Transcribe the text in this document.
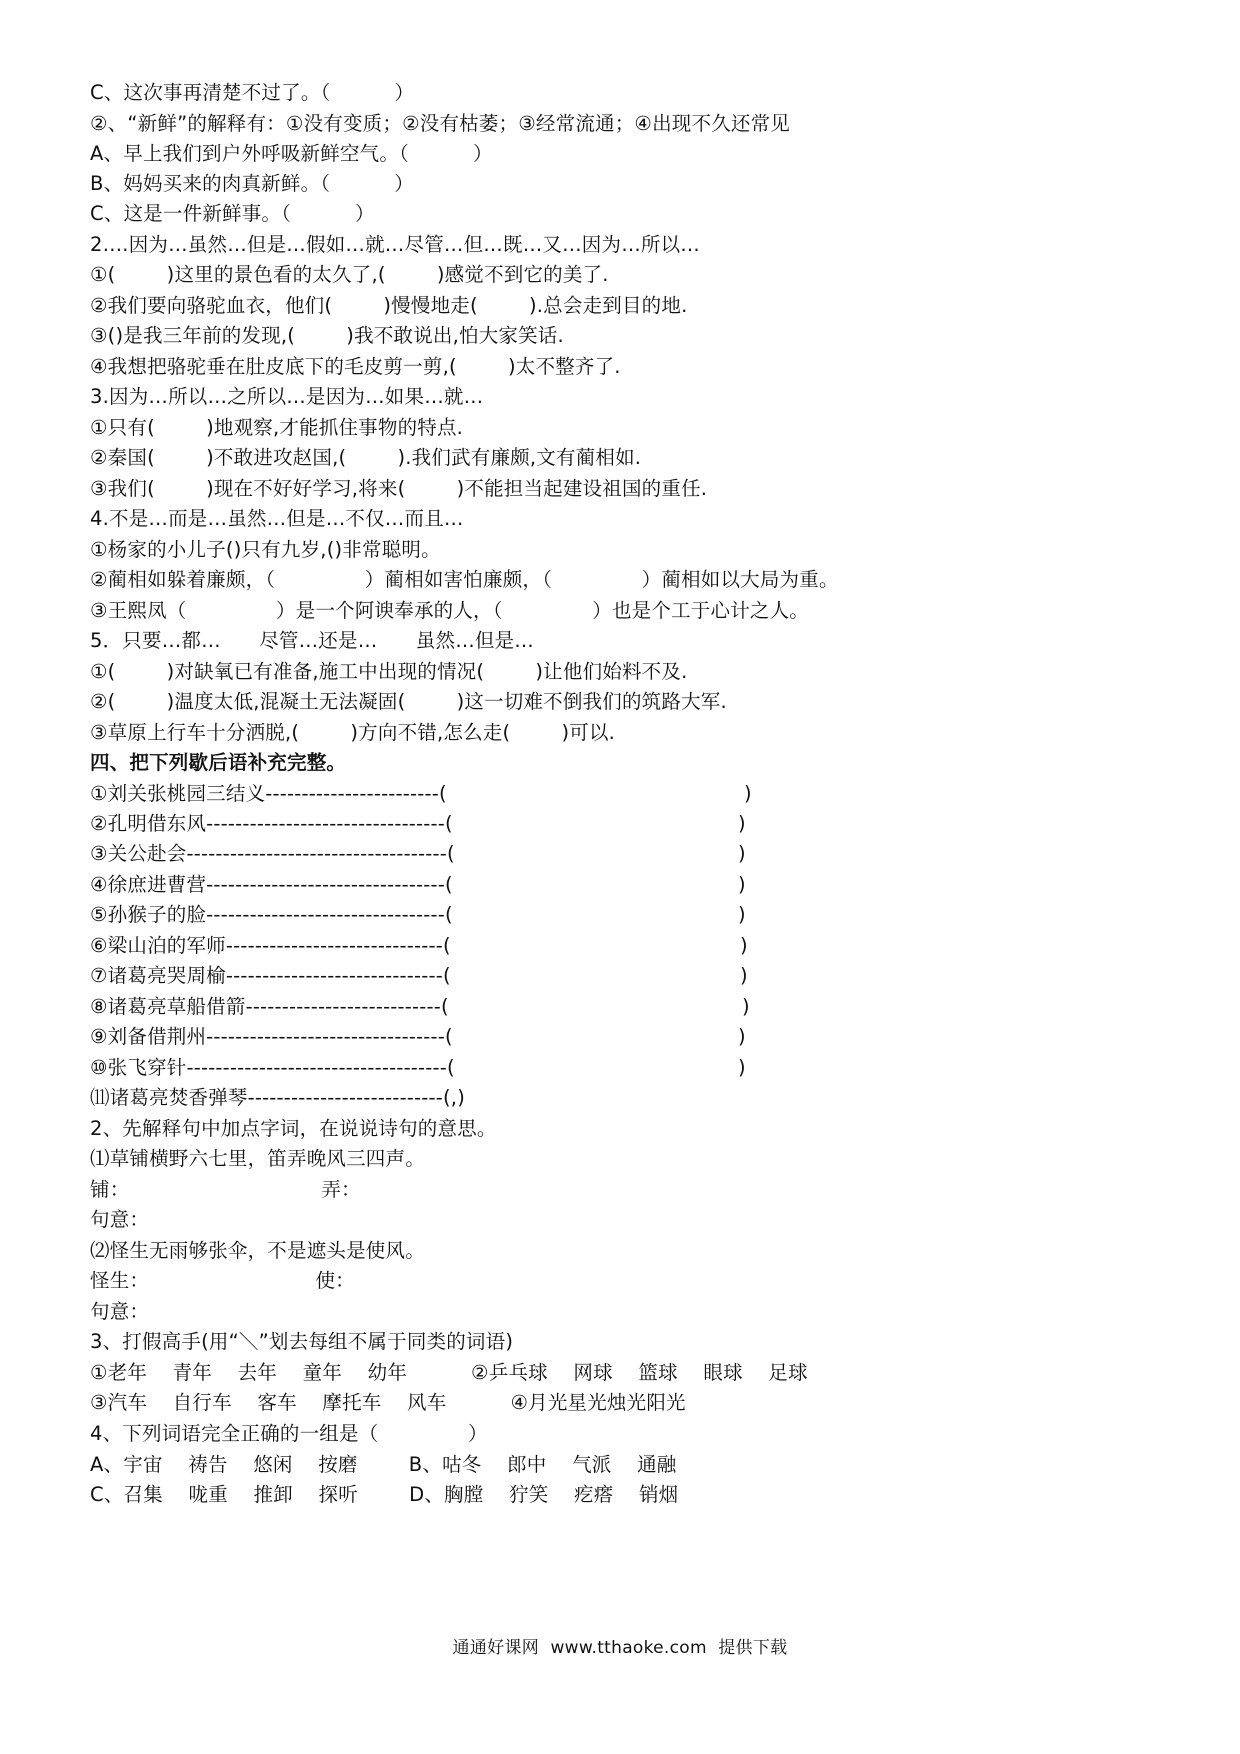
C、这次事再清楚不过了。（          ）
②、“新鲜”的解释有：①没有变质；②没有枯萎；③经常流通；④出现不久还常见
A、早上我们到户外呼吸新鲜空气。（          ）
B、妈妈买来的肉真新鲜。（          ）
C、这是一件新鲜事。（          ）
2….因为…虽然…但是…假如…就…尽管…但…既…又…因为…所以…
①(        )这里的景色看的太久了,(        )感觉不到它的美了.
②我们要向骆驼血衣，他们(        )慢慢地走(        ).总会走到目的地.
③()是我三年前的发现,(        )我不敢说出,怕大家笑话.
④我想把骆驼垂在肚皮底下的毛皮剪一剪,(        )太不整齐了.
3.因为…所以…之所以…是因为…如果…就…
①只有(        )地观察,才能抓住事物的特点.
②秦国(        )不敢进攻赵国,(        ).我们武有廉颇,文有蔺相如.
③我们(        )现在不好好学习,将来(        )不能担当起建设祖国的重任.
4.不是…而是…虽然…但是…不仅…而且…
①杨家的小儿子()只有九岁,()非常聪明。
②蔺相如躲着廉颇，（              ）蔺相如害怕廉颇，（              ）蔺相如以大局为重。
③王熙凤（              ）是一个阿谀奉承的人，（              ）也是个工于心计之人。
5．只要…都…      尽管…还是…      虽然…但是…
①(        )对缺氧已有准备,施工中出现的情况(        )让他们始料不及.
②(        )温度太低,混凝土无法凝固(        )这一切难不倒我们的筑路大军.
③草原上行车十分洒脱,(        )方向不错,怎么走(        )可以.
四、把下列歇后语补充完整。
①刘关张桃园三结义------------------------(	)
②孔明借东风---------------------------------(	)
③关公赴会------------------------------------(	)
④徐庶进曹营---------------------------------(	)
⑤孙猴子的脸---------------------------------(	)
⑥梁山泊的军师------------------------------(	)
⑦诸葛亮哭周榆------------------------------(	)
⑧诸葛亮草船借箭---------------------------(	)
⑨刘备借荆州---------------------------------(	)
⑩张飞穿针------------------------------------(	)
⑾诸葛亮焚香弹琴---------------------------(,)
2、先解释句中加点字词，在说说诗句的意思。
⑴草铺横野六七里，笛弄晚风三四声。
铺：                              弄：
句意：
⑵怪生无雨够张伞，不是遮头是使风。
怪生：                          使：
句意：
3、打假高手(用“＼”划去每组不属于同类的词语)
①老年    青年    去年    童年    幼年          ②乒乓球    网球    篮球    眼球    足球
③汽车    自行车    客车    摩托车    风车          ④月光星光烛光阳光
4、下列词语完全正确的一组是（              ）
A、宇宙    祷告    悠闲    按磨        B、咕冬    郎中    气派    通融
C、召集    咙重    推卸    探听        D、胸膛    狞笑    疙瘩    销烟
通通好课网  www.tthaoke.com  提供下载
